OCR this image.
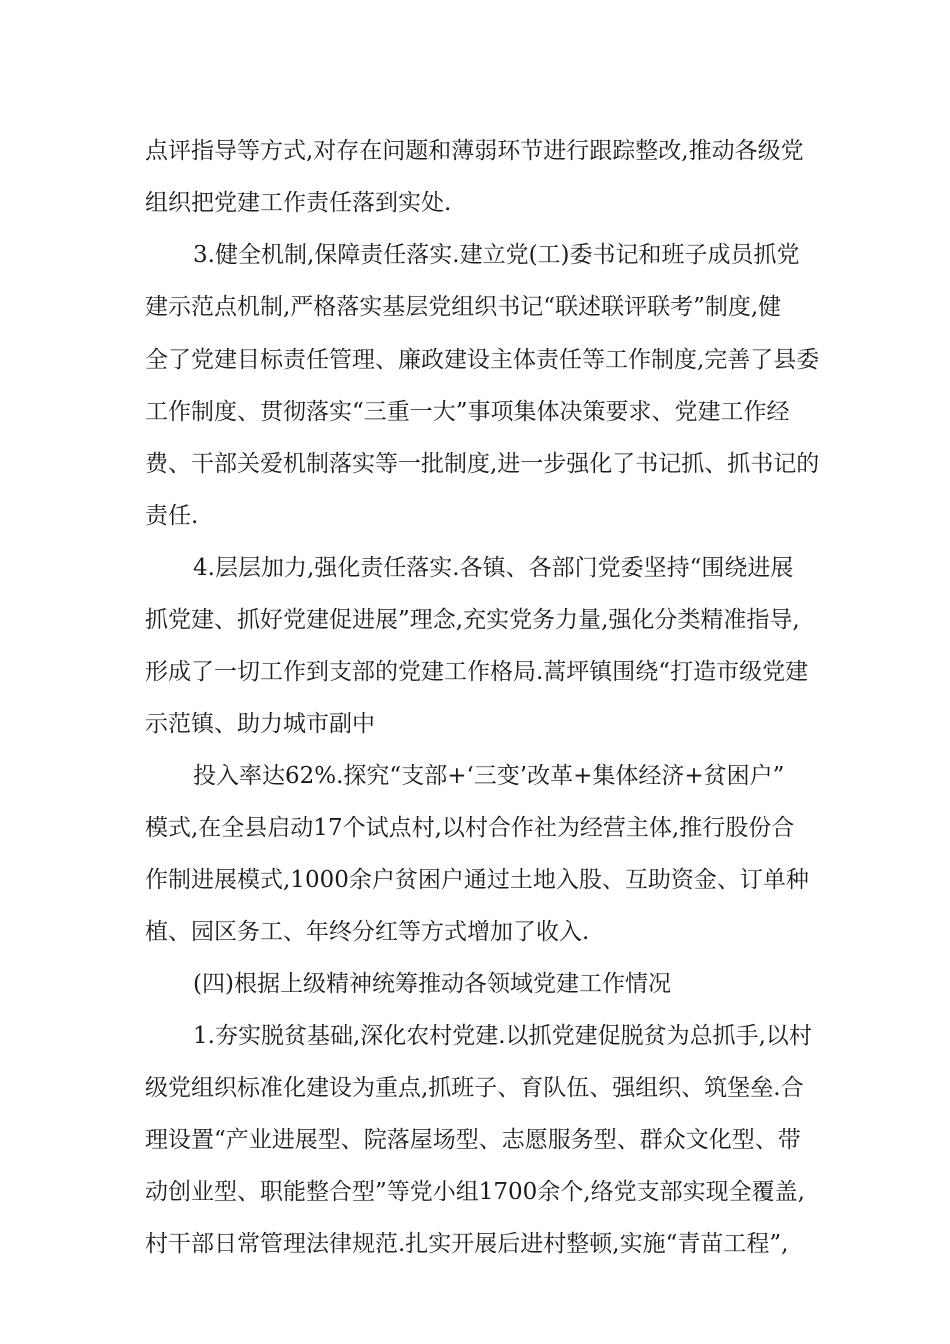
点评指导等方式,对存在问题和薄弱环节进行跟踪整改,推动各级党
组织把党建工作责任落到实处.
3.健全机制,保障责任落实.建立党(工)委书记和班子成员抓党
建示范点机制,严格落实基层党组织书记“联述联评联考”制度,健
全了党建目标责任管理、廉政建设主体责任等工作制度,完善了县委
工作制度、贯彻落实“三重一大”事项集体决策要求、党建工作经
费、干部关爱机制落实等一批制度,进一步强化了书记抓、抓书记的
责任.
4.层层加力,强化责任落实.各镇、各部门党委坚持“围绕进展
抓党建、抓好党建促进展”理念,充实党务力量,强化分类精准指导,
形成了一切工作到支部的党建工作格局.蒿坪镇围绕“打造市级党建
示范镇、助力城市副中
投入率达62%.探究“支部+‘三变’改革+集体经济+贫困户”
模式,在全县启动17个试点村,以村合作社为经营主体,推行股份合
作制进展模式,1000余户贫困户通过土地入股、互助资金、订单种
植、园区务工、年终分红等方式增加了收入.
(四)根据上级精神统筹推动各领域党建工作情况
1.夯实脱贫基础,深化农村党建.以抓党建促脱贫为总抓手,以村
级党组织标准化建设为重点,抓班子、育队伍、强组织、筑堡垒.合
理设置“产业进展型、院落屋场型、志愿服务型、群众文化型、带
动创业型、职能整合型”等党小组1700余个,络党支部实现全覆盖,
村干部日常管理法律规范.扎实开展后进村整顿,实施“青苗工程”,
